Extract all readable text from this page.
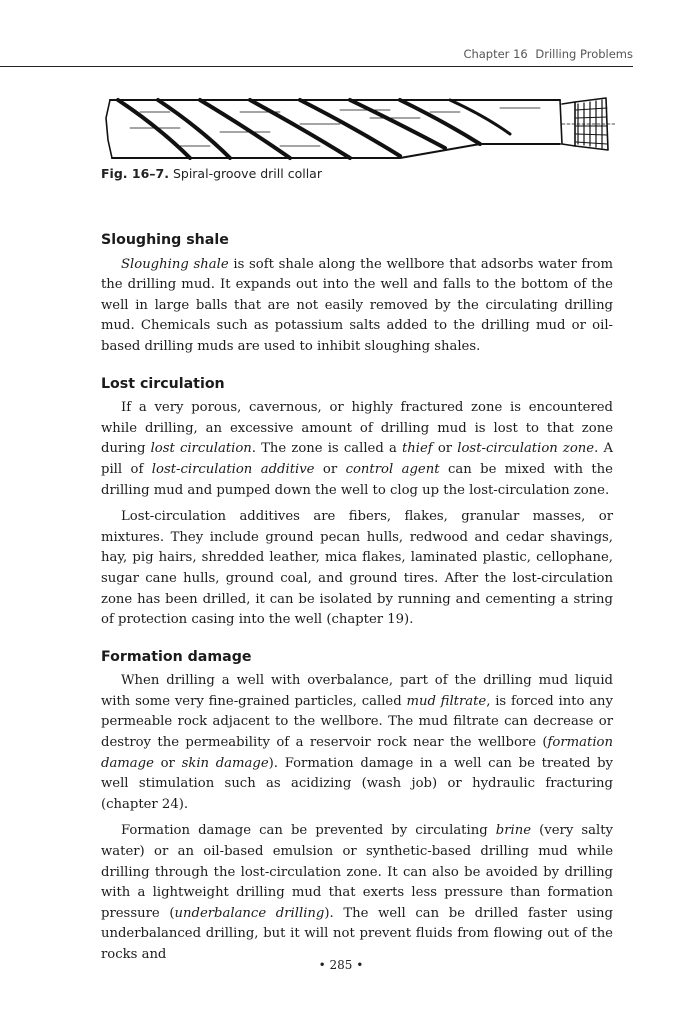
Chapter 16 Drilling Problems
Fig. 16–7. Spiral-groove drill collar
Sloughing shale

Sloughing shale is soft shale along the wellbore that adsorbs water from the drilling mud. It expands out into the well and falls to the bottom of the well in large balls that are not easily removed by the circulating drilling mud. Chemicals such as potassium salts added to the drilling mud or oil-based drilling muds are used to inhibit sloughing shales.

Lost circulation

If a very porous, cavernous, or highly fractured zone is encountered while drilling, an excessive amount of drilling mud is lost to that zone during lost circulation. The zone is called a thief or lost-circulation zone. A pill of lost-circulation additive or control agent can be mixed with the drilling mud and pumped down the well to clog up the lost-circulation zone.

Lost-circulation additives are fibers, flakes, granular masses, or mixtures. They include ground pecan hulls, redwood and cedar shavings, hay, pig hairs, shredded leather, mica flakes, laminated plastic, cellophane, sugar cane hulls, ground coal, and ground tires. After the lost-circulation zone has been drilled, it can be isolated by running and cementing a string of protection casing into the well (chapter 19).

Formation damage

When drilling a well with overbalance, part of the drilling mud liquid with some very fine-grained particles, called mud filtrate, is forced into any permeable rock adjacent to the wellbore. The mud filtrate can decrease or destroy the permeability of a reservoir rock near the wellbore (formation damage or skin damage). Formation damage in a well can be treated by well stimulation such as acidizing (wash job) or hydraulic fracturing (chapter 24).

Formation damage can be prevented by circulating brine (very salty water) or an oil-based emulsion or synthetic-based drilling mud while drilling through the lost-circulation zone. It can also be avoided by drilling with a lightweight drilling mud that exerts less pressure than formation pressure (underbalance drilling). The well can be drilled faster using underbalanced drilling, but it will not prevent fluids from flowing out of the rocks and

• 285 •
